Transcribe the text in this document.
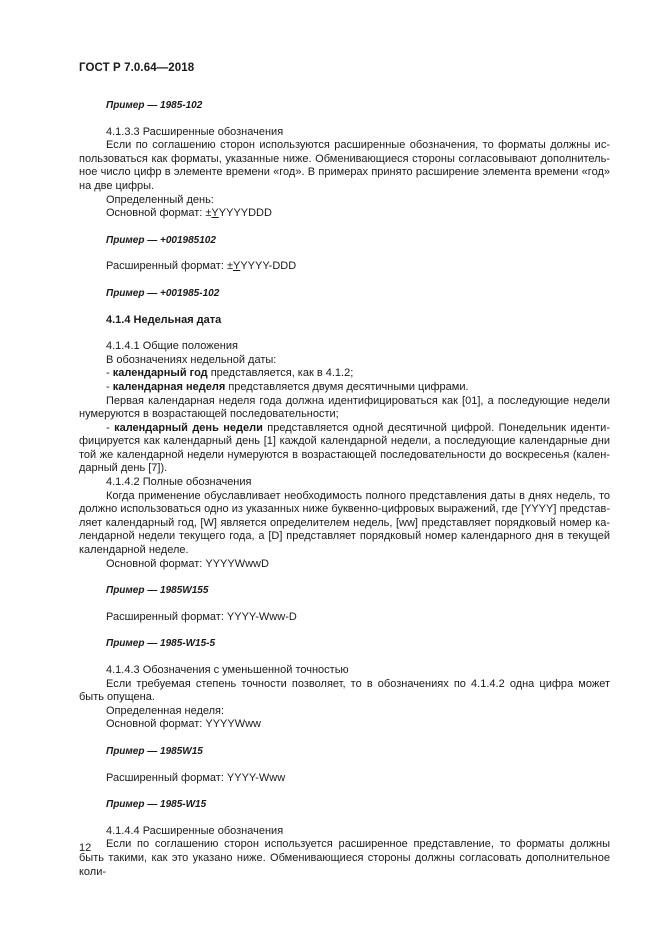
ГОСТ Р 7.0.64—2018

Пример — 1985-102

4.1.3.3 Расширенные обозначения

Если по соглашению сторон используются расширенные обозначения, то форматы должны использоваться как форматы, указанные ниже. Обменивающиеся стороны согласовывают дополнительное число цифр в элементе времени «год». В примерах принято расширение элемента времени «год» на две цифры.

Определенный день:

Основной формат: ±YYYYYDDD

Пример — +001985102

Расширенный формат: ±YYYYY-DDD

Пример — +001985-102

4.1.4 Недельная дата

4.1.4.1 Общие положения

В обозначениях недельной даты:

- календарный год представляется, как в 4.1.2;

- календарная неделя представляется двумя десятичными цифрами.

Первая календарная неделя года должна идентифицироваться как [01], а последующие недели нумеруются в возрастающей последовательности;

- календарный день недели представляется одной десятичной цифрой. Понедельник идентифицируется как календарный день [1] каждой календарной недели, а последующие календарные дни той же календарной недели нумеруются в возрастающей последовательности до воскресенья (календарный день [7]).

4.1.4.2 Полные обозначения

Когда применение обуславливает необходимость полного представления даты в днях недель, то должно использоваться одно из указанных ниже буквенно-цифровых выражений, где [YYYY] представляет календарный год, [W] является определителем недель, [ww] представляет порядковый номер календарной недели текущего года, а [D] представляет порядковый номер календарного дня в текущей календарной неделе.

Основной формат: YYYYWwwD

Пример — 1985W155

Расширенный формат: YYYY-Www-D

Пример — 1985-W15-5

4.1.4.3 Обозначения с уменьшенной точностью

Если требуемая степень точности позволяет, то в обозначениях по 4.1.4.2 одна цифра может быть опущена.

Определенная неделя:

Основной формат: YYYYWww

Пример — 1985W15

Расширенный формат: YYYY-Www

Пример — 1985-W15

4.1.4.4 Расширенные обозначения

Если по соглашению сторон используется расширенное представление, то форматы должны быть такими, как это указано ниже. Обменивающиеся стороны должны согласовать дополнительное коли-

12
